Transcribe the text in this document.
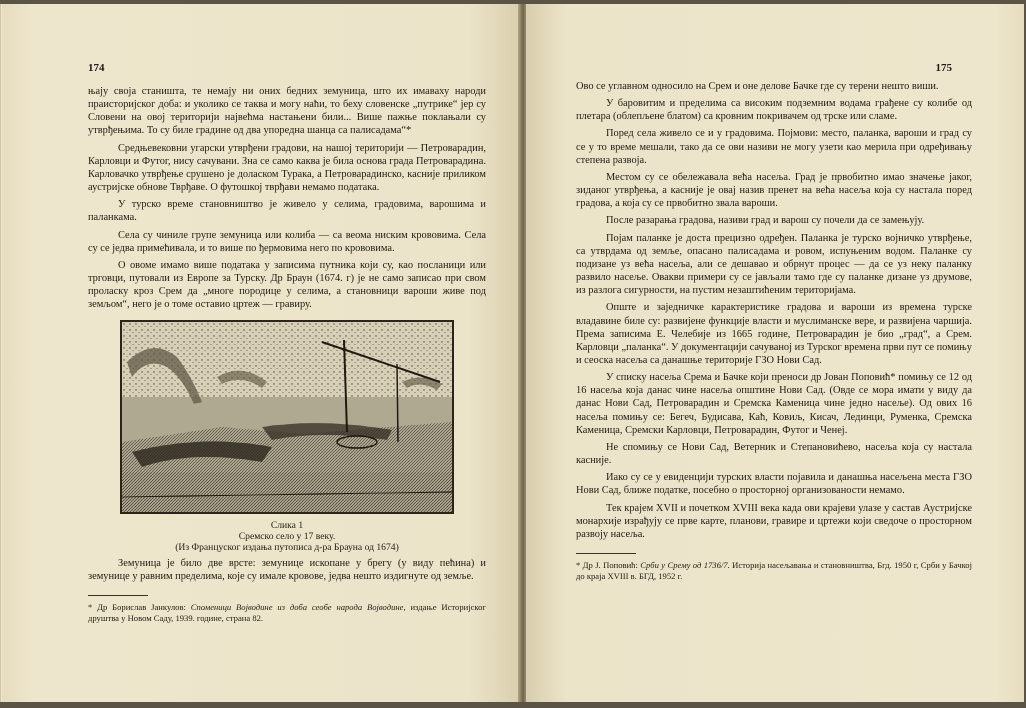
174

њају своја станишта, те немају ни оних бедних земуница, што их имаваху народи праисторијског доба: и уколико се таква и могу наћи, то беху словенске „путрике“ јер су Словени на овој територији највећма настањени били... Више пажње поклањали су утврђењима. То су биле градине од два упоредна шанца са палисадама“*

Средњевековни угарски утврђени градови, на нашој територији — Петроварадин, Карловци и Футог, нису сачувани. Зна се само каква је била основа града Петроварадина. Карловачко утврђење срушено је доласком Турака, а Петроварадинско, касније приликом аустријске обнове Тврђаве. О футошкој тврђави немамо података.

У турско време становништво је живело у селима, градовима, варошима и паланкама.

Села су чиниле групе земуница или колиба — са веома ниским крововима. Села су се једва примећивала, и то више по ђермовима него по крововима.

О овоме имамо више података у записима путника који су, као посланици или трговци, путовали из Европе за Турску. Др Браун (1674. г) је не само записао при свом проласку кроз Срем да „многе породице у селима, а становници вароши живе под земљом“, него је о томе оставио цртеж — гравиру.

Слика 1
Сремско село у 17 веку.
(Из Француског издања путописа д-ра Брауна од 1674)

Земуница је било две врсте: земунице ископане у брегу (у виду пећина) и земунице у равним пределима, које су имале кровове, једва нешто издигнуте од земље.

* Др Борислав Јанкулов: Споменици Војводине из доба сеобе народа Војводине, издање Историјског друштва у Новом Саду, 1939. године, страна 82.
175

Ово се углавном односило на Срем и оне делове Бачке где су терени нешто виши.

У баровитим и пределима са високим подземним водама грађене су колибе од плетара (облепљене блатом) са кровним покривачем од трске или сламе.

Поред села живело се и у градовима. Појмови: место, паланка, вароши и град су се у то време мешали, тако да се ови називи не могу узети као мерила при одређивању степена развоја.

Местом су се обележавала већа насеља. Град је првобитно имао значење јаког, зиданог утврђења, а касније је овај назив пренет на већа насеља која су настала поред градова, а која су се првобитно звала вароши.

После разарања градова, називи град и варош су почели да се замењују.

Појам паланке је доста прецизно одређен. Паланка је турско војничко утврђење, са утврдама од земље, опасано палисадама и ровом, испуњеним водом. Паланке су подизане уз већа насеља, али се дешавао и обрнут процес — да се уз неку паланку развило насеље. Овакви примери су се јављали тамо где су паланке дизане уз друмове, из разлога сигурности, на пустим незаштићеним територијама.

Опште и заједничке карактеристике градова и вароши из времена турске владавине биле су: развијене функције власти и муслиманске вере, и развијена чаршија. Према записима Е. Челебије из 1665 године, Петроварадин је био „град“, а Срем. Карловци „паланка“. У документацији сачуваној из Турског времена први пут се помињу и сеоска насеља са данашње територије ГЗО Нови Сад.

У списку насеља Срема и Бачке који преноси др Јован Поповић* помињу се 12 од 16 насеља која данас чине насеља општине Нови Сад. (Овде се мора имати у виду да данас Нови Сад, Петроварадин и Сремска Каменица чине једно насеље). Од ових 16 насеља помињу се: Бегеч, Будисава, Каћ, Ковиљ, Кисач, Лединци, Руменка, Сремска Каменица, Сремски Карловци, Петроварадин, Футог и Ченеј.

Не спомињу се Нови Сад, Ветерник и Степановићево, насеља која су настала касније.

Иако су се у евиденцији турских власти појавила и данашња насељена места ГЗО Нови Сад, ближе податке, посебно о просторној организованости немамо.

Тек крајем XVII и почетком XVIII века када ови крајеви улазе у састав Аустријске монархије израђују се прве карте, планови, гравире и цртежи који сведоче о просторном развоју насеља.

* Др Ј. Поповић: Срби у Срему од 1736/7. Историја насељавања и становништва, Бгд. 1950 г, Срби у Бачкој до краја XVIII в. БГД, 1952 г.
